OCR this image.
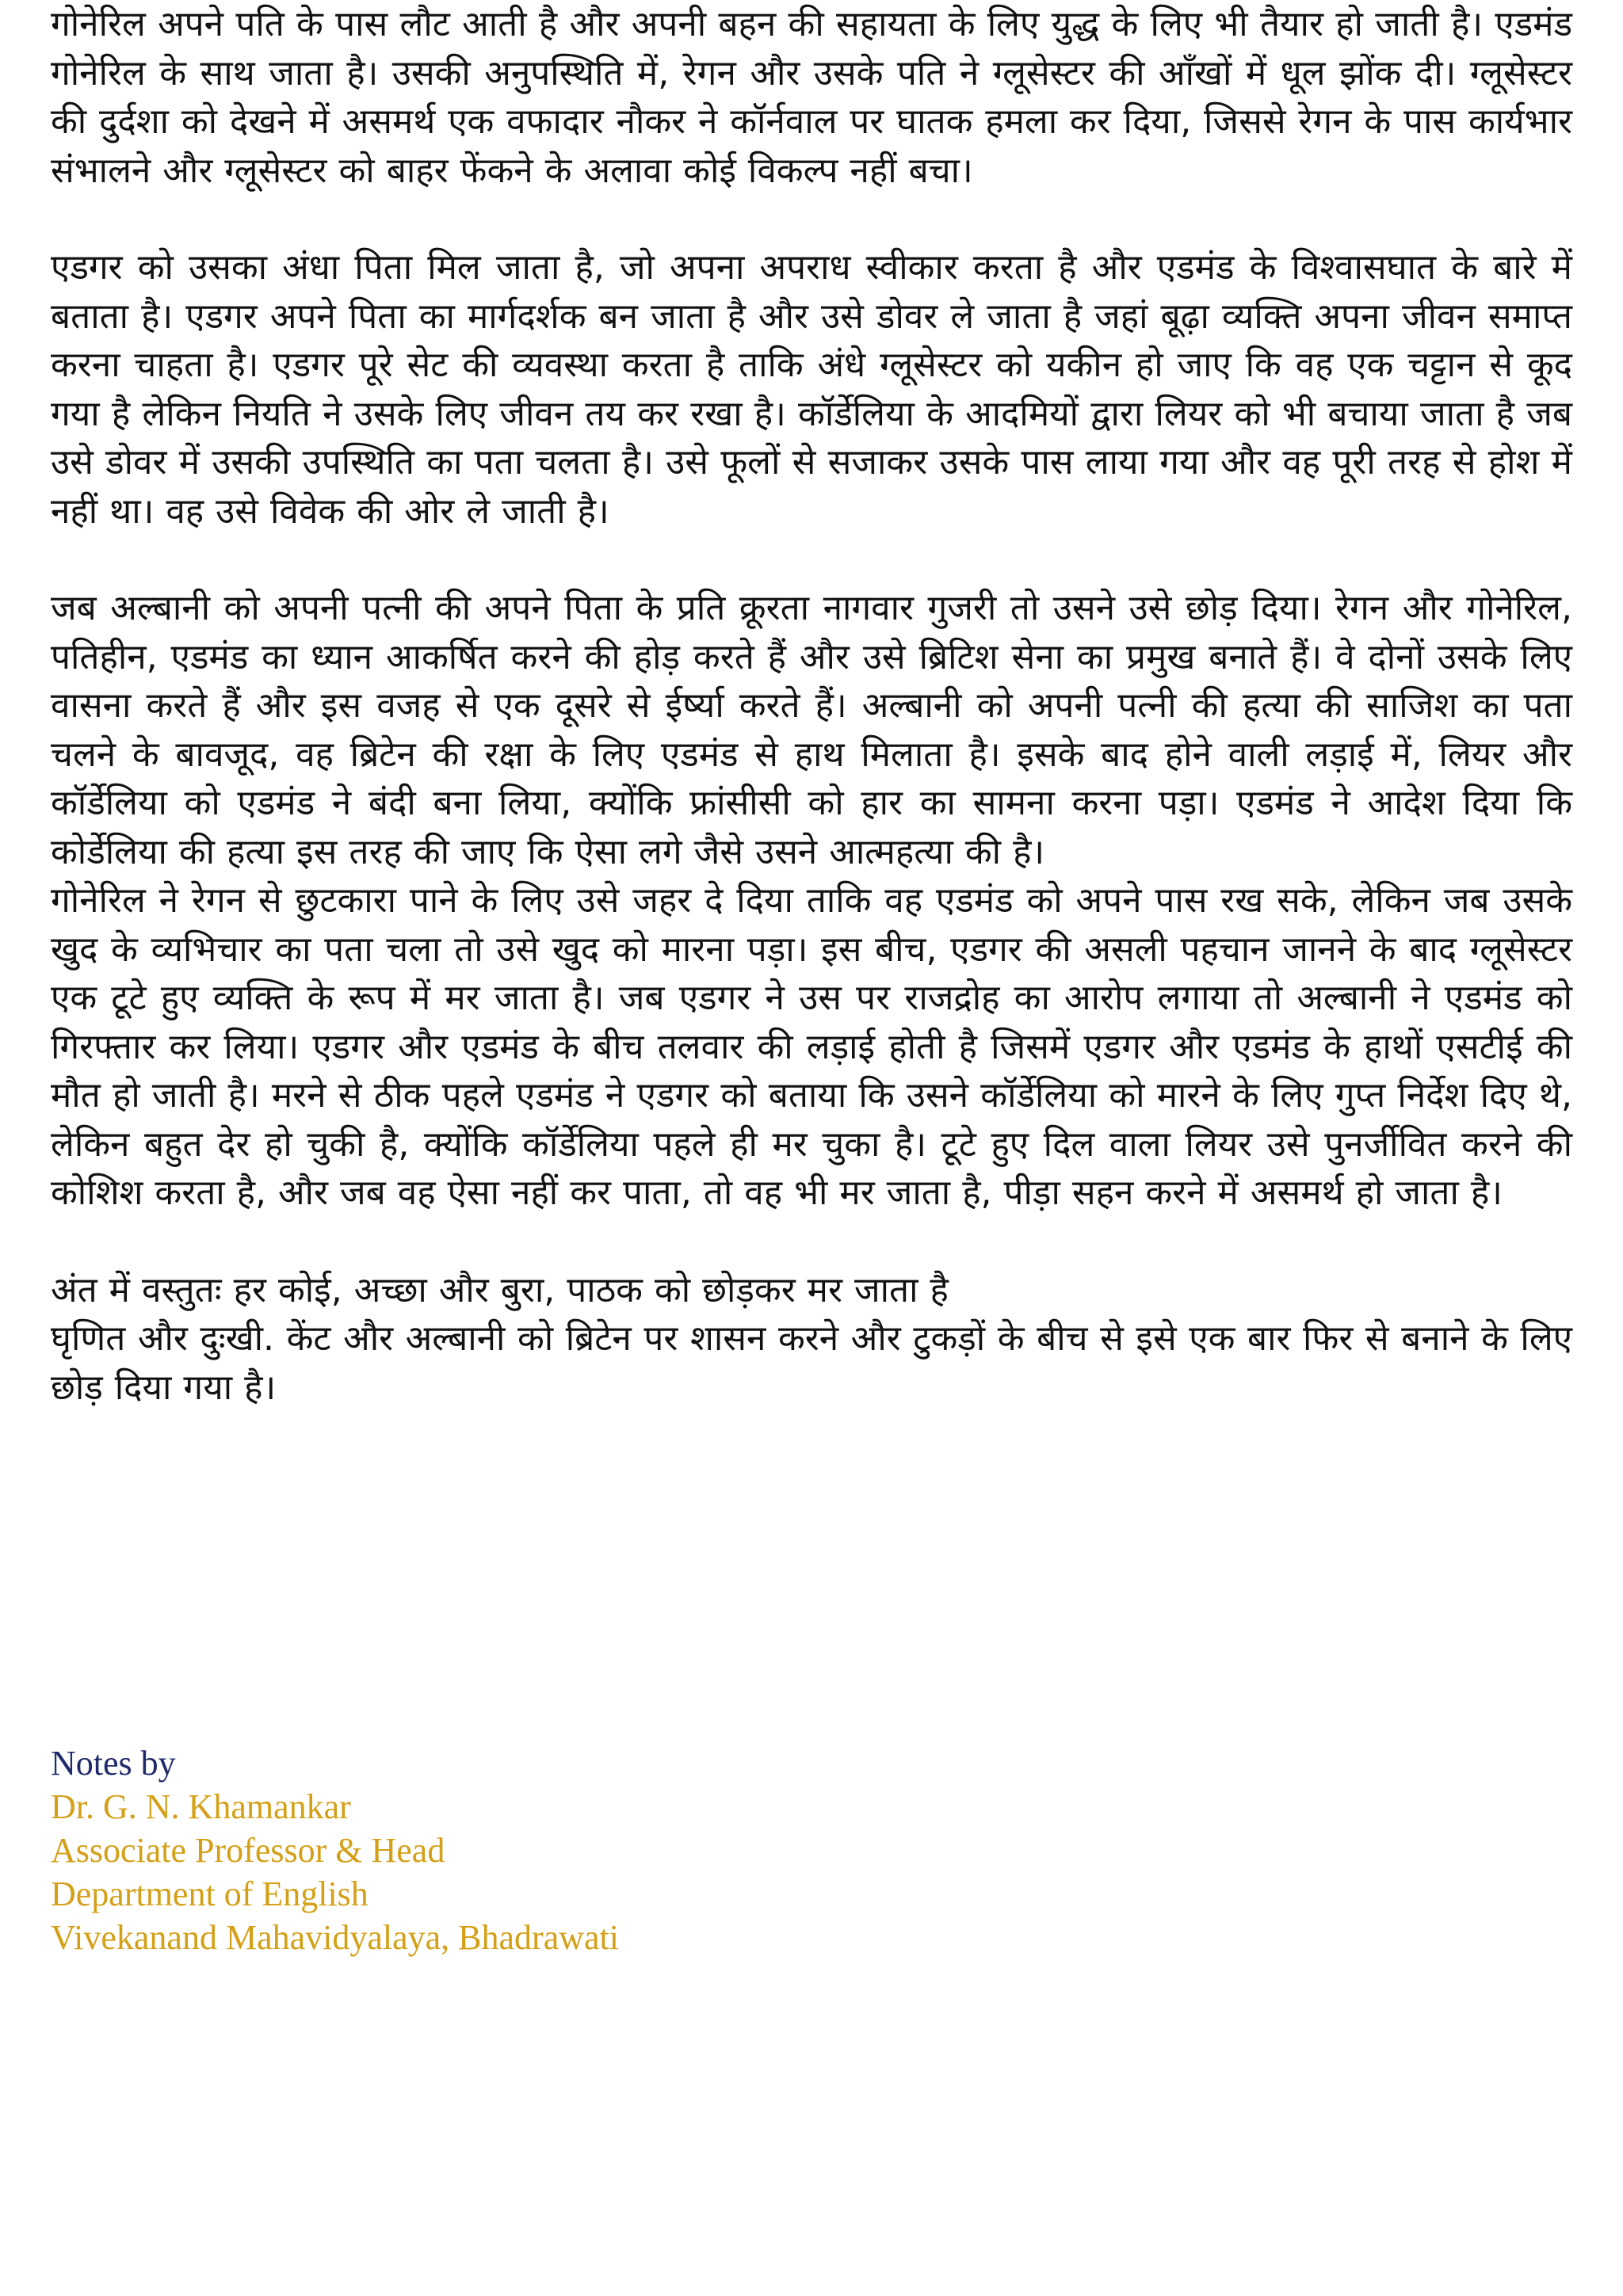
गोनेरिल अपने पति के पास लौट आती है और अपनी बहन की सहायता के लिए युद्ध के लिए भी तैयार हो जाती है। एडमंड गोनेरिल के साथ जाता है। उसकी अनुपस्थिति में, रेगन और उसके पति ने ग्लूसेस्टर की आँखों में धूल झोंक दी। ग्लूसेस्टर की दुर्दशा को देखने में असमर्थ एक वफादार नौकर ने कॉर्नवाल पर घातक हमला कर दिया, जिससे रेगन के पास कार्यभार संभालने और ग्लूसेस्टर को बाहर फेंकने के अलावा कोई विकल्प नहीं बचा।

एडगर को उसका अंधा पिता मिल जाता है, जो अपना अपराध स्वीकार करता है और एडमंड के विश्वासघात के बारे में बताता है। एडगर अपने पिता का मार्गदर्शक बन जाता है और उसे डोवर ले जाता है जहां बूढ़ा व्यक्ति अपना जीवन समाप्त करना चाहता है। एडगर पूरे सेट की व्यवस्था करता है ताकि अंधे ग्लूसेस्टर को यकीन हो जाए कि वह एक चट्टान से कूद गया है लेकिन नियति ने उसके लिए जीवन तय कर रखा है। कॉर्डेलिया के आदमियों द्वारा लियर को भी बचाया जाता है जब उसे डोवर में उसकी उपस्थिति का पता चलता है। उसे फूलों से सजाकर उसके पास लाया गया और वह पूरी तरह से होश में नहीं था। वह उसे विवेक की ओर ले जाती है।

जब अल्बानी को अपनी पत्नी की अपने पिता के प्रति क्रूरता नागवार गुजरी तो उसने उसे छोड़ दिया। रेगन और गोनेरिल, पतिहीन, एडमंड का ध्यान आकर्षित करने की होड़ करते हैं और उसे ब्रिटिश सेना का प्रमुख बनाते हैं। वे दोनों उसके लिए वासना करते हैं और इस वजह से एक दूसरे से ईर्ष्या करते हैं। अल्बानी को अपनी पत्नी की हत्या की साजिश का पता चलने के बावजूद, वह ब्रिटेन की रक्षा के लिए एडमंड से हाथ मिलाता है। इसके बाद होने वाली लड़ाई में, लियर और कॉर्डेलिया को एडमंड ने बंदी बना लिया, क्योंकि फ्रांसीसी को हार का सामना करना पड़ा। एडमंड ने आदेश दिया कि कोर्डेलिया की हत्या इस तरह की जाए कि ऐसा लगे जैसे उसने आत्महत्या की है।

गोनेरिल ने रेगन से छुटकारा पाने के लिए उसे जहर दे दिया ताकि वह एडमंड को अपने पास रख सके, लेकिन जब उसके खुद के व्यभिचार का पता चला तो उसे खुद को मारना पड़ा। इस बीच, एडगर की असली पहचान जानने के बाद ग्लूसेस्टर एक टूटे हुए व्यक्ति के रूप में मर जाता है। जब एडगर ने उस पर राजद्रोह का आरोप लगाया तो अल्बानी ने एडमंड को गिरफ्तार कर लिया। एडगर और एडमंड के बीच तलवार की लड़ाई होती है जिसमें एडगर और एडमंड के हाथों एसटीई की मौत हो जाती है। मरने से ठीक पहले एडमंड ने एडगर को बताया कि उसने कॉर्डेलिया को मारने के लिए गुप्त निर्देश दिए थे, लेकिन बहुत देर हो चुकी है, क्योंकि कॉर्डेलिया पहले ही मर चुका है। टूटे हुए दिल वाला लियर उसे पुनर्जीवित करने की कोशिश करता है, और जब वह ऐसा नहीं कर पाता, तो वह भी मर जाता है, पीड़ा सहन करने में असमर्थ हो जाता है।

अंत में वस्तुतः हर कोई, अच्छा और बुरा, पाठक को छोड़कर मर जाता है

घृणित और दुःखी. केंट और अल्बानी को ब्रिटेन पर शासन करने और टुकड़ों के बीच से इसे एक बार फिर से बनाने के लिए छोड़ दिया गया है।

Notes by
Dr. G. N. Khamankar
Associate Professor & Head
Department of English
Vivekanand Mahavidyalaya, Bhadrawati
